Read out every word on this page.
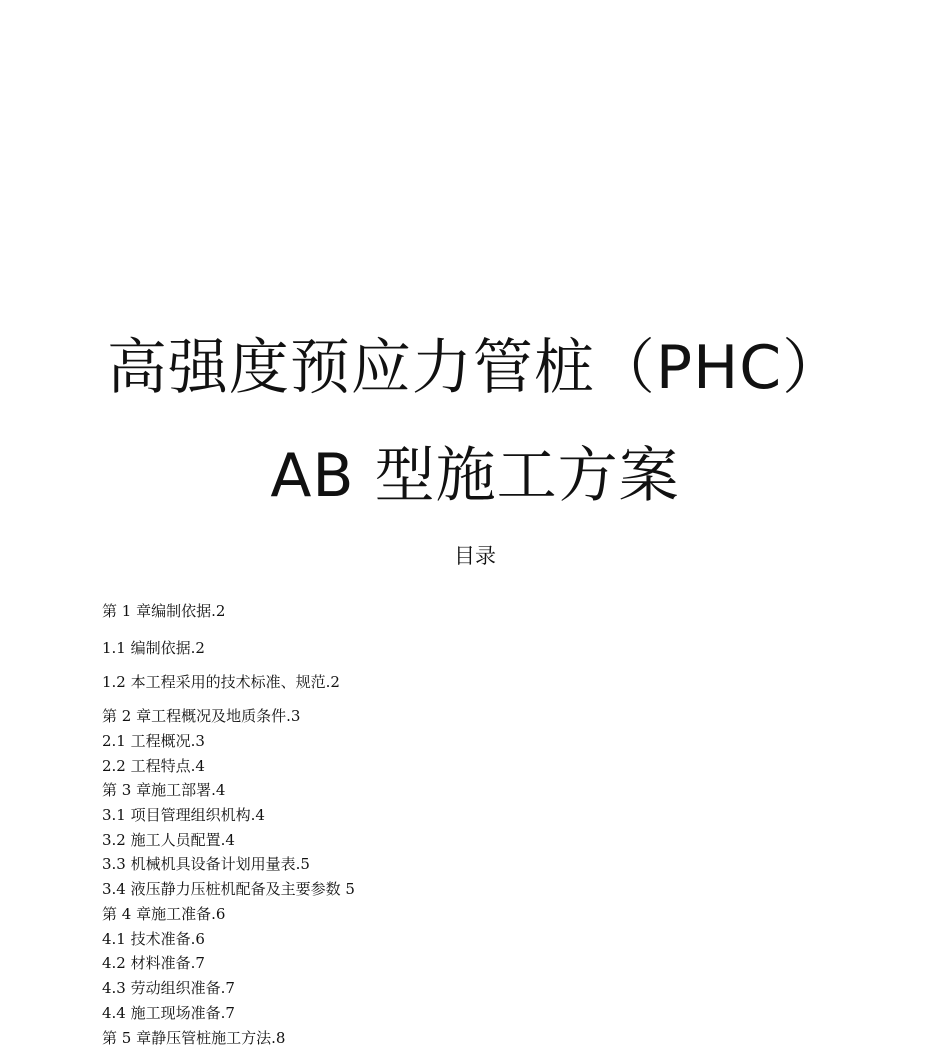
高强度预应力管桩（PHC）
AB 型施工方案
目录
第 1 章编制依据.2
1.1 编制依据.2
1.2 本工程采用的技术标准、规范.2
第 2 章工程概况及地质条件.3
2.1 工程概况.3
2.2 工程特点.4
第 3 章施工部署.4
3.1 项目管理组织机构.4
3.2 施工人员配置.4
3.3 机械机具设备计划用量表.5
3.4 液压静力压桩机配备及主要参数 5
第 4 章施工准备.6
4.1 技术准备.6
4.2 材料准备.7
4.3 劳动组织准备.7
4.4 施工现场准备.7
第 5 章静压管桩施工方法.8
